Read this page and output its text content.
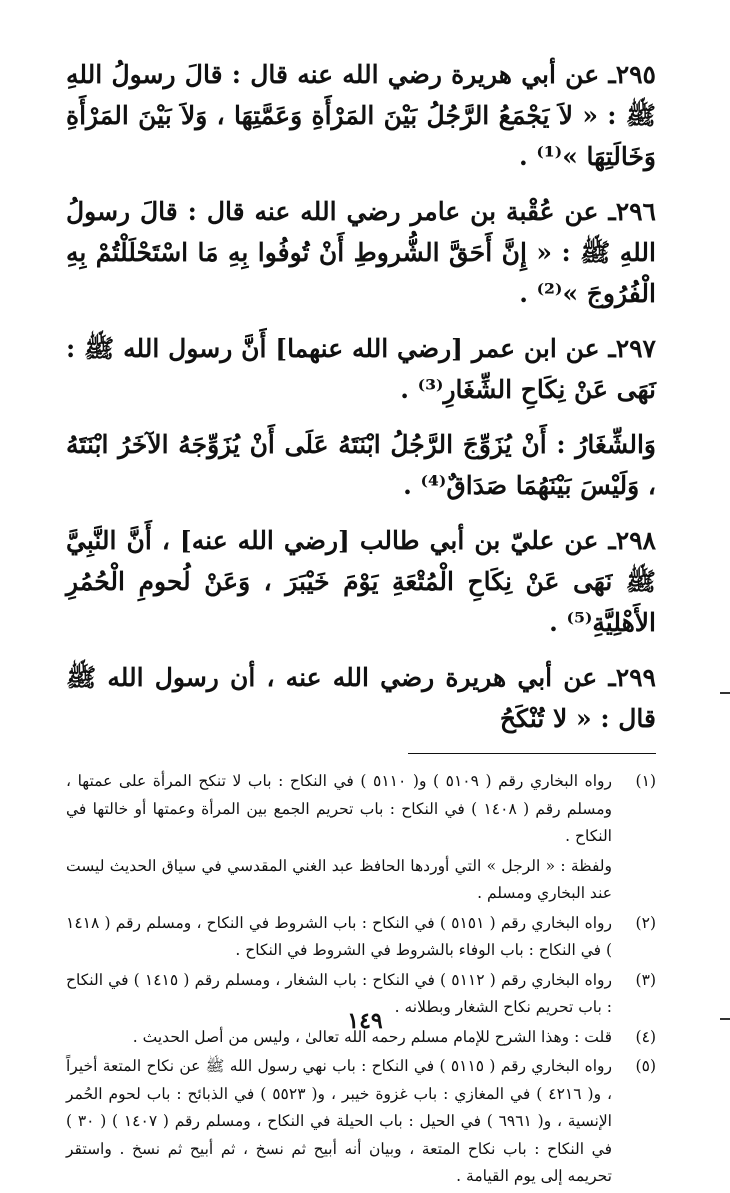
٢٩٥ـ عن أبي هريرة رضي الله عنه قال : قالَ رسولُ اللهِ ﷺ : « لاَ يَجْمَعُ الرَّجُلُ بَيْنَ المَرْأَةِ وَعَمَّتِهَا ، وَلاَ بَيْنَ المَرْأَةِ وَخَالَتِهَا »⁽¹⁾ .
٢٩٦ـ عن عُقْبة بن عامر رضي الله عنه قال : قالَ رسولُ اللهِ ﷺ : « إِنَّ أَحَقَّ الشُّروطِ أَنْ تُوفُوا بِهِ مَا اسْتَحْلَلْتُمْ بِهِ الْفُرُوجَ »⁽²⁾ .
٢٩٧ـ عن ابن عمر [رضي الله عنهما] أَنَّ رسول الله ﷺ : نَهَى عَنْ نِكَاحِ الشِّغَارِ⁽³⁾ .
وَالشِّغَارُ : أَنْ يُزَوِّجَ الرَّجُلُ ابْنَتَهُ عَلَى أَنْ يُزَوِّجَهُ الآخَرُ ابْنَتَهُ ، وَلَيْسَ بَيْنَهُمَا صَدَاقٌ⁽⁴⁾ .
٢٩٨ـ عن عليّ بن أبي طالب [رضي الله عنه] ، أَنَّ النَّبِيَّ ﷺ نَهَى عَنْ نِكَاحِ الْمُتْعَةِ يَوْمَ خَيْبَرَ ، وَعَنْ لُحومِ الْحُمُرِ الأَهْلِيَّةِ⁽⁵⁾ .
٢٩٩ـ عن أبي هريرة رضي الله عنه ، أن رسول الله ﷺ قال : « لا تُنْكَحُ
(١)
رواه البخاري رقم ( ٥١٠٩ ) و( ٥١١٠ ) في النكاح : باب لا تنكح المرأة على عمتها ، ومسلم رقم ( ١٤٠٨ ) في النكاح : باب تحريم الجمع بين المرأة وعمتها أو خالتها في النكاح .
ولفظة : « الرجل » التي أوردها الحافظ عبد الغني المقدسي في سياق الحديث ليست عند البخاري ومسلم .
(٢)
رواه البخاري رقم ( ٥١٥١ ) في النكاح : باب الشروط في النكاح ، ومسلم رقم ( ١٤١٨ ) في النكاح : باب الوفاء بالشروط في الشروط في النكاح .
(٣)
رواه البخاري رقم ( ٥١١٢ ) في النكاح : باب الشغار ، ومسلم رقم ( ١٤١٥ ) في النكاح : باب تحريم نكاح الشغار وبطلانه .
(٤)
قلت : وهذا الشرح للإمام مسلم رحمه الله تعالىٰ ، وليس من أصل الحديث .
(٥)
رواه البخاري رقم ( ٥١١٥ ) في النكاح : باب نهي رسول الله ﷺ عن نكاح المتعة أخيراً ، و( ٤٢١٦ ) في المغازي : باب غزوة خيبر ، و( ٥٥٢٣ ) في الذبائح : باب لحوم الحُمر الإنسية ، و( ٦٩٦١ ) في الحيل : باب الحيلة في النكاح ، ومسلم رقم ( ١٤٠٧ ) ( ٣٠ ) في النكاح : باب نكاح المتعة ، وبيان أنه أبيح ثم نسخ ، ثم أبيح ثم نسخ . واستقر تحريمه إلى يوم القيامة .
١٤٩
